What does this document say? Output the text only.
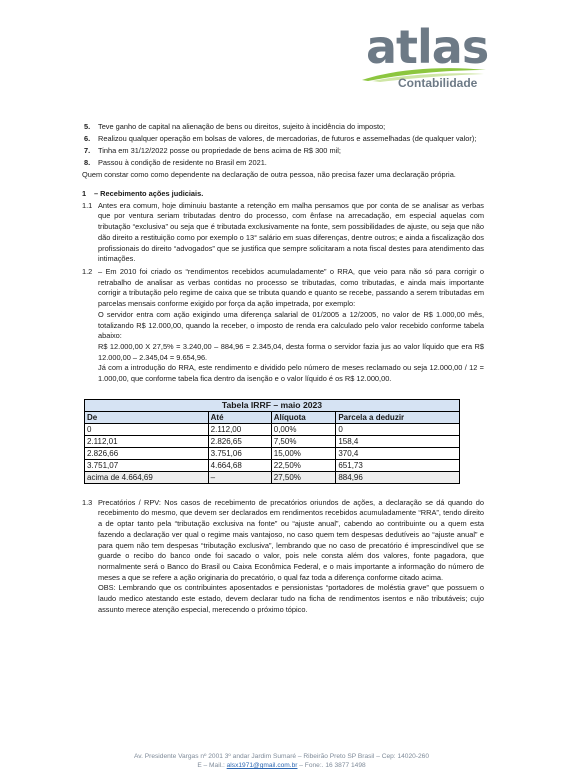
atlas
Contabilidade
5. Teve ganho de capital na alienação de bens ou direitos, sujeito à incidência do imposto;
6. Realizou qualquer operação em bolsas de valores, de mercadorias, de futuros e assemelhadas (de qualquer valor);
7. Tinha em 31/12/2022 posse ou propriedade de bens acima de R$ 300 mil;
8. Passou à condição de residente no Brasil em 2021.

Quem constar como como dependente na declaração de outra pessoa, não precisa fazer uma declaração própria.

1 – Recebimento ações judiciais.
1.1 Antes era comum, hoje diminuiu bastante a retenção em malha pensamos que por conta de se analisar as verbas que por ventura seriam tributadas dentro do processo, com ênfase na arrecadação, em especial aquelas com tributação “exclusiva” ou seja que é tributada exclusivamente na fonte, sem possibilidades de ajuste, ou seja que não dão direito a restituição como por exemplo o 13° salário em suas diferenças, dentre outros; e ainda a fiscalização dos profissionais do direito “advogados” que se justifica que sempre solicitaram a nota fiscal destes para atendimento das intimações.

1.2 – Em 2010 foi criado os “rendimentos recebidos acumuladamente” o RRA, que veio para não só para corrigir o retrabalho de analisar as verbas contidas no processo se tributadas, como tributadas, e ainda mais importante corrigir a tributação pelo regime de caixa que se tributa quando e quanto se recebe, passando a serem tributadas em parcelas mensais conforme exigido por força da ação impetrada, por exemplo:

O servidor entra com ação exigindo uma diferença salarial de 01/2005 a 12/2005, no valor de R$ 1.000,00 mês, totalizando R$ 12.000,00, quando la receber, o imposto de renda era calculado pelo valor recebido conforme tabela abaixo:

R$ 12.000,00 X 27,5% = 3.240,00 – 884,96 = 2.345,04, desta forma o servidor fazia jus ao valor líquido que era R$ 12.000,00 – 2.345,04 = 9.654,96.

Já com a introdução do RRA, este rendimento e dividido pelo número de meses reclamado ou seja 12.000,00 / 12 = 1.000,00, que conforme tabela fica dentro da isenção e o valor líquido é os R$ 12.000,00.

Tabela IRRF – maio 2023			
De	Até	Alíquota	Parcela a deduzir
0	2.112,00	0,00%	0
2.112,01	2.826,65	7,50%	158,4
2.826,66	3.751,06	15,00%	370,4
3.751,07	4.664,68	22,50%	651,73
acima de 4.664,69	–	27,50%	884,96
1.3 Precatórios / RPV: Nos casos de recebimento de precatórios oriundos de ações, a declaração se dá quando do recebimento do mesmo, que devem ser declarados em rendimentos recebidos acumuladamente “RRA”, tendo direito a de optar tanto pela “tributação exclusiva na fonte” ou “ajuste anual”, cabendo ao contribuinte ou a quem esta fazendo a declaração ver qual o regime mais vantajoso, no caso quem tem despesas dedutíveis ao “ajuste anual” e para quem não tem despesas “tributação exclusiva”, lembrando que no caso de precatório é imprescindível que se guarde o recibo do banco onde foi sacado o valor, pois nele consta além dos valores, fonte pagadora, que normalmente será o Banco do Brasil ou Caixa Econômica Federal, e o mais importante a informação do número de meses a que se refere a ação originaria do precatório, o qual faz toda a diferença conforme citado acima.

OBS: Lembrando que os contribuintes aposentados e pensionistas “portadores de moléstia grave” que possuem o laudo medico atestando este estado, devem declarar tudo na ficha de rendimentos isentos e não tributáveis; cujo assunto merece atenção especial, merecendo o próximo tópico.

Av. Presidente Vargas nº 2001 3º andar Jardim Sumaré – Ribeirão Preto SP Brasil – Cep: 14020-260
E – Mail.: alsx1971@gmail.com.br – Fone:. 16 3877 1498
